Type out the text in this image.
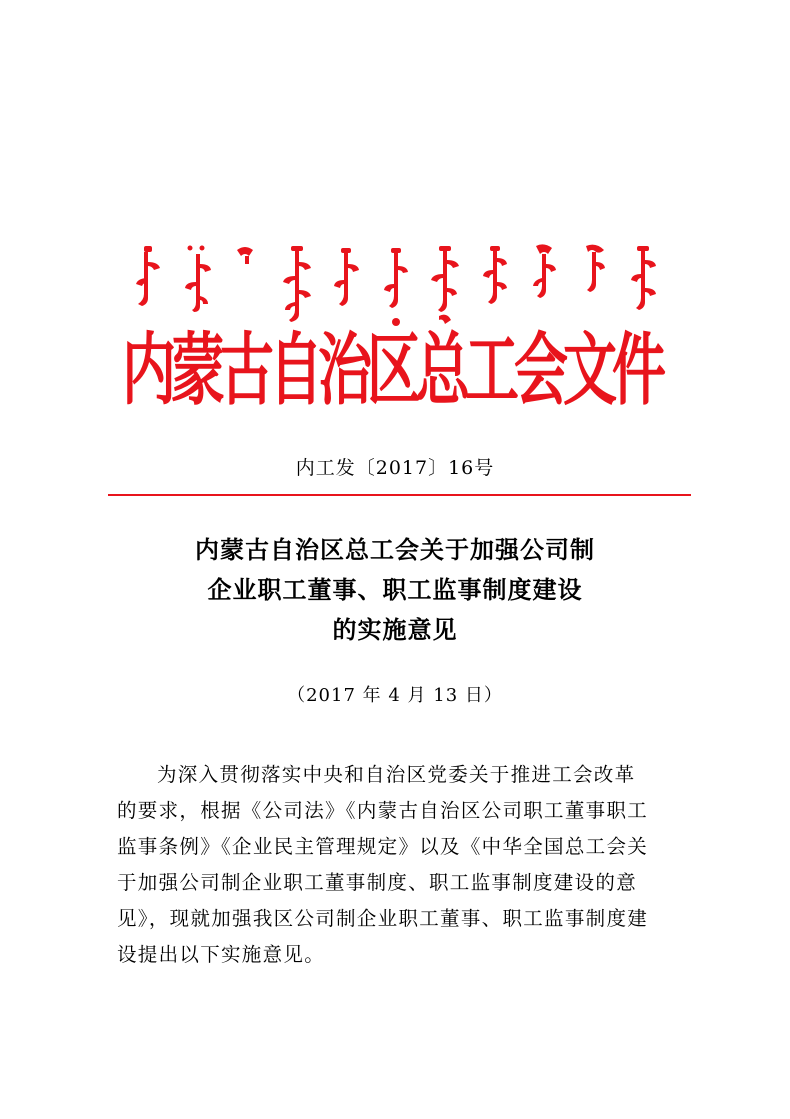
内蒙古自治区总工会文件
内工发〔2017〕16号
内蒙古自治区总工会关于加强公司制
企业职工董事、职工监事制度建设
的实施意见
（2017 年 4 月 13 日）
为深入贯彻落实中央和自治区党委关于推进工会改革
的要求，根据《公司法》《内蒙古自治区公司职工董事职工
监事条例》《企业民主管理规定》以及《中华全国总工会关
于加强公司制企业职工董事制度、职工监事制度建设的意
见》，现就加强我区公司制企业职工董事、职工监事制度建
设提出以下实施意见。
